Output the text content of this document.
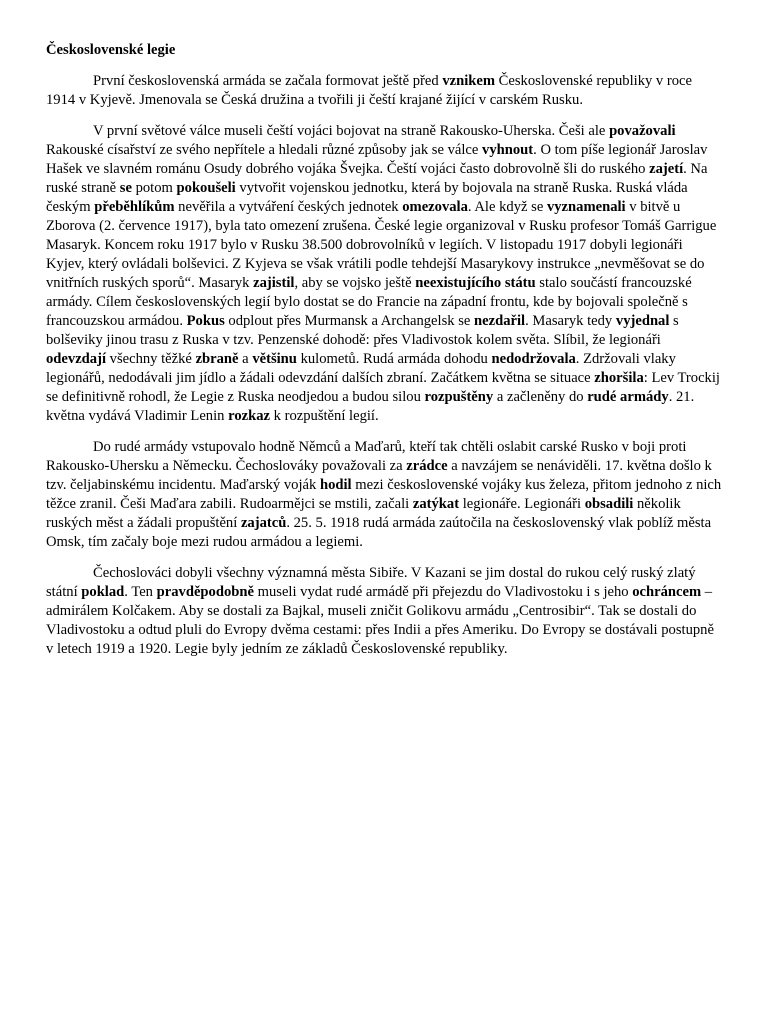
Československé legie
První československá armáda se začala formovat ještě před vznikem Československé republiky v roce 1914 v Kyjevě. Jmenovala se Česká družina a tvořili ji čeští krajané žijící v carském Rusku.
V první světové válce museli čeští vojáci bojovat na straně Rakousko-Uherska. Češi ale považovali Rakouské císařství ze svého nepřítele a hledali různé způsoby jak se válce vyhnout. O tom píše legionář Jaroslav Hašek ve slavném románu Osudy dobrého vojáka Švejka. Čeští vojáci často dobrovolně šli do ruského zajetí. Na ruské straně se potom pokoušeli vytvořit vojenskou jednotku, která by bojovala na straně Ruska. Ruská vláda českým přeběhlíkům nevěřila a vytváření českých jednotek omezovala. Ale když se vyznamenali v bitvě u Zborova (2. července 1917), byla tato omezení zrušena. České legie organizoval v Rusku profesor Tomáš Garrigue Masaryk. Koncem roku 1917 bylo v Rusku 38.500 dobrovolníků v legiích. V listopadu 1917 dobyli legionáři Kyjev, který ovládali bolševici. Z Kyjeva se však vrátili podle tehdejší Masarykovy instrukce „nevměšovat se do vnitřních ruských sporů“. Masaryk zajistil, aby se vojsko ještě neexistujícího státu stalo součástí francouzské armády. Cílem československých legií bylo dostat se do Francie na západní frontu, kde by bojovali společně s francouzskou armádou. Pokus odplout přes Murmansk a Archangelsk se nezdařil. Masaryk tedy vyjednal s bolševiky jinou trasu z Ruska v tzv. Penzenské dohodě: přes Vladivostok kolem světa. Slíbil, že legionáři odevzdají všechny těžké zbraně a většinu kulometů. Rudá armáda dohodu nedodržovala. Zdržovali vlaky legionářů, nedodávali jim jídlo a žádali odevzdání dalších zbraní. Začátkem května se situace zhoršila: Lev Trockij se definitivně rohodl, že Legie z Ruska neodjedou a budou silou rozpuštěny a začleněny do rudé armády. 21. května vydává Vladimir Lenin rozkaz k rozpuštění legií.
Do rudé armády vstupovalo hodně Němců a Maďarů, kteří tak chtěli oslabit carské Rusko v boji proti Rakousko-Uhersku a Německu. Čechoslováky považovali za zrádce a navzájem se nenáviděli. 17. května došlo k tzv. čeljabinskému incidentu. Maďarský voják hodil mezi československé vojáky kus železa, přitom jednoho z nich těžce zranil. Češi Maďara zabili. Rudoarmějci se mstili, začali zatýkat legionáře. Legionáři obsadili několik ruských měst a žádali propuštění zajatců. 25. 5. 1918 rudá armáda zaútočila na československý vlak poblíž města Omsk, tím začaly boje mezi rudou armádou a legiemi.
Čechoslováci dobyli všechny významná města Sibiře. V Kazani se jim dostal do rukou celý ruský zlatý státní poklad. Ten pravděpodobně museli vydat rudé armádě při přejezdu do Vladivostoku i s jeho ochráncem – admirálem Kolčakem. Aby se dostali za Bajkal, museli zničit Golikovu armádu „Centrosibir“. Tak se dostali do Vladivostoku a odtud pluli do Evropy dvěma cestami: přes Indii a přes Ameriku. Do Evropy se dostávali postupně v letech 1919 a 1920. Legie byly jedním ze základů Československé republiky.
